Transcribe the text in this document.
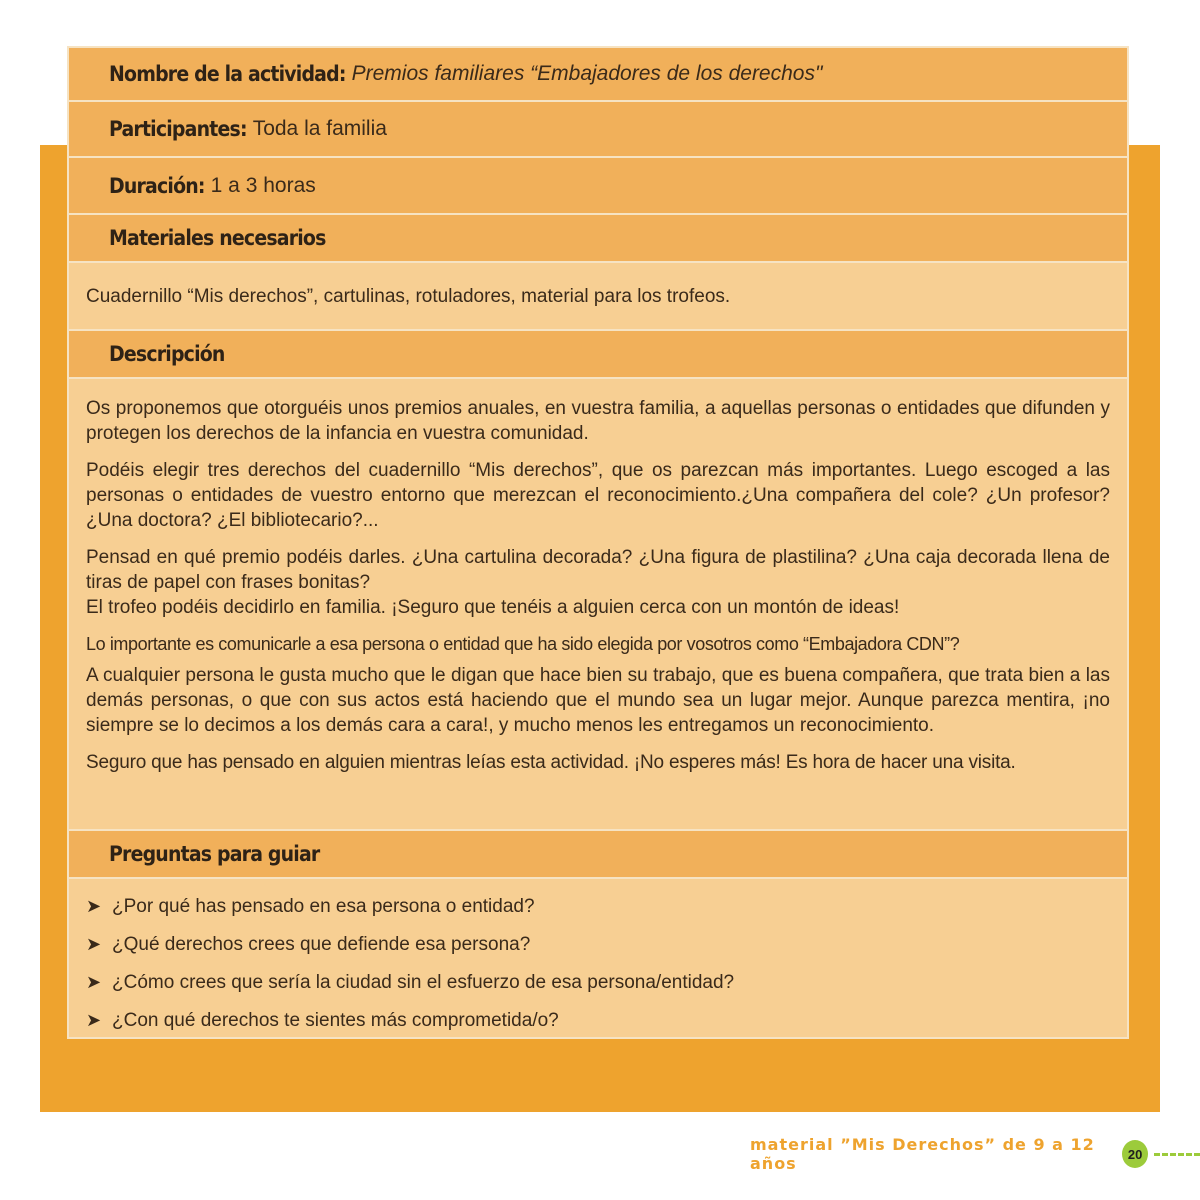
Nombre de la actividad: Premios familiares “Embajadores de los derechos"
Participantes: Toda la familia
Duración: 1 a 3 horas
Materiales necesarios

Cuadernillo “Mis derechos”, cartulinas, rotuladores, material para los trofeos.

Descripción

Os proponemos que otorguéis unos premios anuales, en vuestra familia, a aquellas personas o entidades que difunden y protegen los derechos de la infancia en vuestra comunidad.

Podéis elegir tres derechos del cuadernillo “Mis derechos”, que os parezcan más importantes. Luego escoged a las personas o entidades de vuestro entorno que merezcan el reconocimiento.¿Una compañera del cole? ¿Un profesor? ¿Una doctora? ¿El bibliotecario?...

Pensad en qué premio podéis darles. ¿Una cartulina decorada? ¿Una figura de plastilina? ¿Una caja decorada llena de tiras de papel con frases bonitas?

El trofeo podéis decidirlo en familia. ¡Seguro que tenéis a alguien cerca con un montón de ideas!

Lo importante es comunicarle a esa persona o entidad que ha sido elegida por vosotros como “Embajadora CDN”?

A cualquier persona le gusta mucho que le digan que hace bien su trabajo, que es buena compañera, que trata bien a las demás personas, o que con sus actos está haciendo que el mundo sea un lugar mejor. Aunque parezca mentira, ¡no siempre se lo decimos a los demás cara a cara!, y mucho menos les entregamos un reconocimiento.

Seguro que has pensado en alguien mientras leías esta actividad. ¡No esperes más! Es hora de hacer una visita.

Preguntas para guiar
➤ ¿Por qué has pensado en esa persona o entidad?
➤ ¿Qué derechos crees que defiende esa persona?
➤ ¿Cómo crees que sería la ciudad sin el esfuerzo de esa persona/entidad?
➤ ¿Con qué derechos te sientes más comprometida/o?
material ”Mis Derechos” de 9 a 12 años	20
